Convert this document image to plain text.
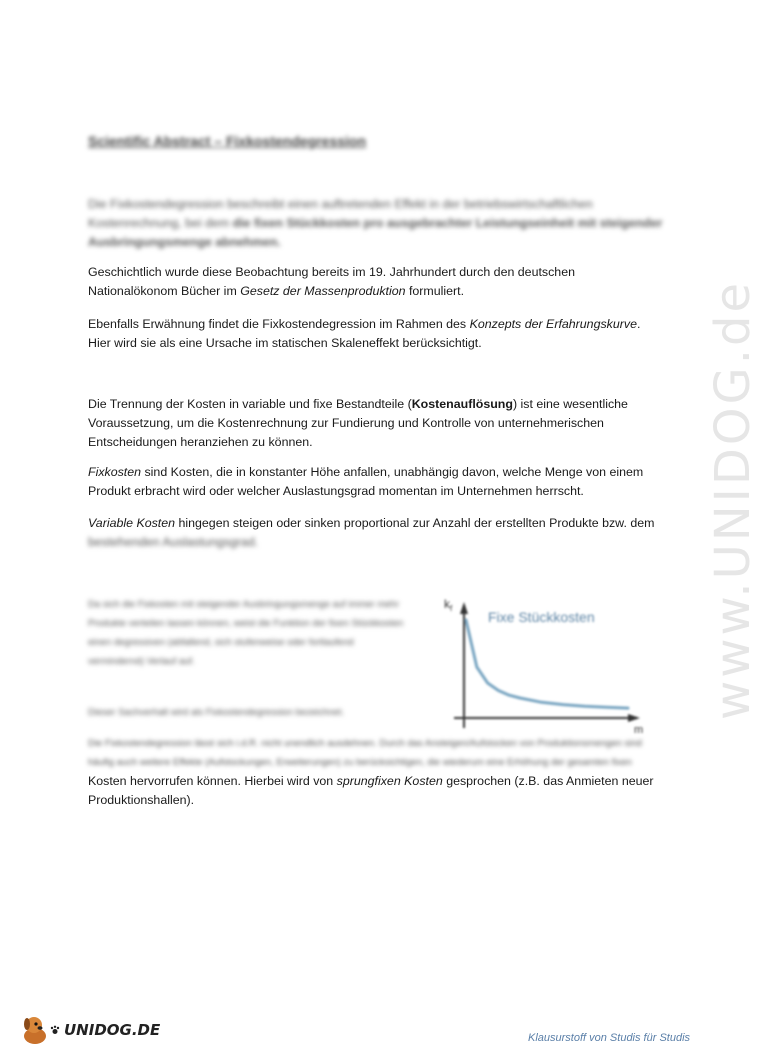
www.UNIDOG.de
Scientific Abstract – Fixkostendegression
Die Fixkostendegression beschreibt einen auftretenden Effekt in der betriebswirtschaftlichen Kostenrechnung, bei dem die fixen Stückkosten pro ausgebrachter Leistungseinheit mit steigender Ausbringungsmenge abnehmen.
Geschichtlich wurde diese Beobachtung bereits im 19. Jahrhundert durch den deutschen Nationalökonom Bücher im Gesetz der Massenproduktion formuliert.
Ebenfalls Erwähnung findet die Fixkostendegression im Rahmen des Konzepts der Erfahrungskurve. Hier wird sie als eine Ursache im statischen Skaleneffekt berücksichtigt.
Die Trennung der Kosten in variable und fixe Bestandteile (Kostenauflösung) ist eine wesentliche Voraussetzung, um die Kostenrechnung zur Fundierung und Kontrolle von unternehmerischen Entscheidungen heranziehen zu können.
Fixkosten sind Kosten, die in konstanter Höhe anfallen, unabhängig davon, welche Menge von einem Produkt erbracht wird oder welcher Auslastungsgrad momentan im Unternehmen herrscht.
Variable Kosten hingegen steigen oder sinken proportional zur Anzahl der erstellten Produkte bzw. dem
bestehenden Auslastungsgrad.
Da sich die Fixkosten mit steigender Ausbringungsmenge auf immer mehr Produkte verteilen lassen können, weist die Funktion der fixen Stückkosten einen degressiven (abfallend, sich stufenweise oder fortlaufend vermindernd) Verlauf auf.
Dieser Sachverhalt wird als Fixkostendegression bezeichnet.
$k_f$
m
Fixe Stückkosten
Die Fixkostendegression lässt sich i.d.R. nicht unendlich ausdehnen. Durch das Ansteigen/Aufstocken von Produktionsmengen sind häufig auch weitere Effekte (Aufstockungen, Erweiterungen) zu berücksichtigen, die wiederum eine Erhöhung der gesamten fixen
Kosten hervorrufen können. Hierbei wird von sprungfixen Kosten gesprochen (z.B. das Anmieten neuer Produktionshallen).
UNIDOG.DE	Klausurstoff von Studis für Studis
